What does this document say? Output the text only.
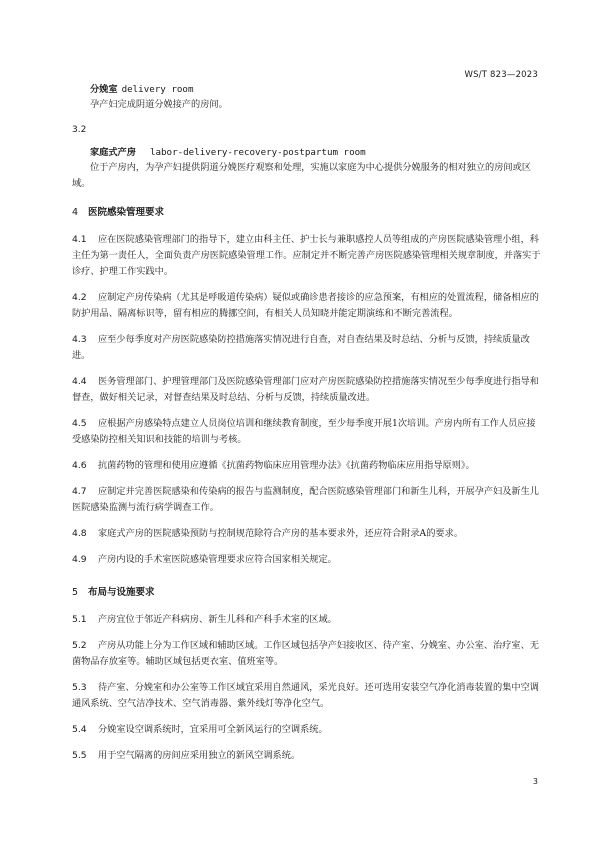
WS/T 823—2023
分娩室 delivery room

孕产妇完成阴道分娩接产的房间。

3.2
家庭式产房 labor-delivery-recovery-postpartum room

位于产房内，为孕产妇提供阴道分娩医疗观察和处理，实施以家庭为中心提供分娩服务的相对独立的房间或区域。

4 医院感染管理要求

4.1 应在医院感染管理部门的指导下，建立由科主任、护士长与兼职感控人员等组成的产房医院感染管理小组，科主任为第一责任人，全面负责产房医院感染管理工作。应制定并不断完善产房医院感染管理相关规章制度，并落实于诊疗、护理工作实践中。

4.2 应制定产房传染病（尤其是呼吸道传染病）疑似或确诊患者接诊的应急预案，有相应的处置流程，储备相应的防护用品、隔离标识等，留有相应的腾挪空间，有相关人员知晓并能定期演练和不断完善流程。

4.3 应至少每季度对产房医院感染防控措施落实情况进行自查，对自查结果及时总结、分析与反馈，持续质量改进。

4.4 医务管理部门、护理管理部门及医院感染管理部门应对产房医院感染防控措施落实情况至少每季度进行指导和督查，做好相关记录，对督查结果及时总结、分析与反馈，持续质量改进。

4.5 应根据产房感染特点建立人员岗位培训和继续教育制度，至少每季度开展1次培训。产房内所有工作人员应接受感染防控相关知识和技能的培训与考核。

4.6 抗菌药物的管理和使用应遵循《抗菌药物临床应用管理办法》《抗菌药物临床应用指导原则》。

4.7 应制定并完善医院感染和传染病的报告与监测制度，配合医院感染管理部门和新生儿科，开展孕产妇及新生儿医院感染监测与流行病学调查工作。

4.8 家庭式产房的医院感染预防与控制规范除符合产房的基本要求外，还应符合附录A的要求。

4.9 产房内设的手术室医院感染管理要求应符合国家相关规定。

5 布局与设施要求

5.1 产房宜位于邻近产科病房、新生儿科和产科手术室的区域。

5.2 产房从功能上分为工作区域和辅助区域。工作区域包括孕产妇接收区、待产室、分娩室、办公室、治疗室、无菌物品存放室等。辅助区域包括更衣室、值班室等。

5.3 待产室、分娩室和办公室等工作区域宜采用自然通风，采光良好。还可选用安装空气净化消毒装置的集中空调通风系统、空气洁净技术、空气消毒器、紫外线灯等净化空气。

5.4 分娩室设空调系统时，宜采用可全新风运行的空调系统。

5.5 用于空气隔离的房间应采用独立的新风空调系统。

3
